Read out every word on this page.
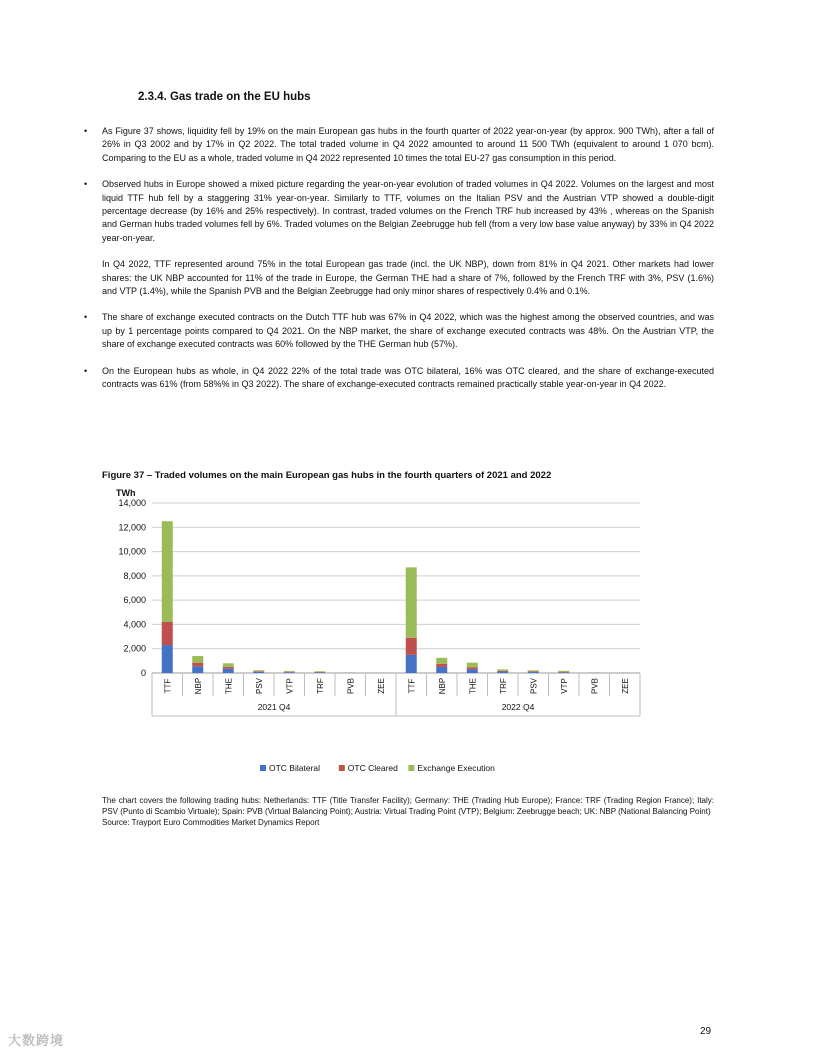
2.3.4. Gas trade on the EU hubs
• As Figure 37 shows, liquidity fell by 19% on the main European gas hubs in the fourth quarter of 2022 year-on-year (by approx. 900 TWh), after a fall of 26% in Q3 2002 and by 17% in Q2 2022. The total traded volume in Q4 2022 amounted to around 11 500 TWh (equivalent to around 1 070 bcm). Comparing to the EU as a whole, traded volume in Q4 2022 represented 10 times the total EU-27 gas consumption in this period.

• Observed hubs in Europe showed a mixed picture regarding the year-on-year evolution of traded volumes in Q4 2022. Volumes on the largest and most liquid TTF hub fell by a staggering 31% year-on-year. Similarly to TTF, volumes on the Italian PSV and the Austrian VTP showed a double-digit percentage decrease (by 16% and 25% respectively). In contrast, traded volumes on the French TRF hub increased by 43% , whereas on the Spanish and German hubs traded volumes fell by 6%. Traded volumes on the Belgian Zeebrugge hub fell (from a very low base value anyway) by 33% in Q4 2022 year-on-year.

In Q4 2022, TTF represented around 75% in the total European gas trade (incl. the UK NBP), down from 81% in Q4 2021. Other markets had lower shares: the UK NBP accounted for 11% of the trade in Europe, the German THE had a share of 7%, followed by the French TRF with 3%, PSV (1.6%) and VTP (1.4%), while the Spanish PVB and the Belgian Zeebrugge had only minor shares of respectively 0.4% and 0.1%.

• The share of exchange executed contracts on the Dutch TTF hub was 67% in Q4 2022, which was the highest among the observed countries, and was up by 1 percentage points compared to Q4 2021. On the NBP market, the share of exchange executed contracts was 48%. On the Austrian VTP, the share of exchange executed contracts was 60% followed by the THE German hub (57%).

• On the European hubs as whole, in Q4 2022 22% of the total trade was OTC bilateral, 16% was OTC cleared, and the share of exchange-executed contracts was 61% (from 58%% in Q3 2022). The share of exchange-executed contracts remained practically stable year-on-year in Q4 2022.

Figure 37 – Traded volumes on the main European gas hubs in the fourth quarters of 2021 and 2022
TWh
0
2,000
4,000
6,000
8,000
10,000
12,000
14,000
TTF	NBP	THE	PSV	VTP	TRF	PVB	ZEE	TTF	NBP	THE	TRF	PSV	VTP	PVB	ZEE
2021 Q4	2022 Q4
OTC Bilateral	OTC Cleared Exchange Execution

The chart covers the following trading hubs: Netherlands: TTF (Title Transfer Facility); Germany: THE (Trading Hub Europe); France: TRF (Trading Region France); Italy: PSV (Punto di Scambio Virtuale); Spain: PVB (Virtual Balancing Point); Austria: Virtual Trading Point (VTP); Belgium: Zeebrugge beach; UK: NBP (National Balancing Point)

Source: Trayport Euro Commodities Market Dynamics Report

29
大数跨境
